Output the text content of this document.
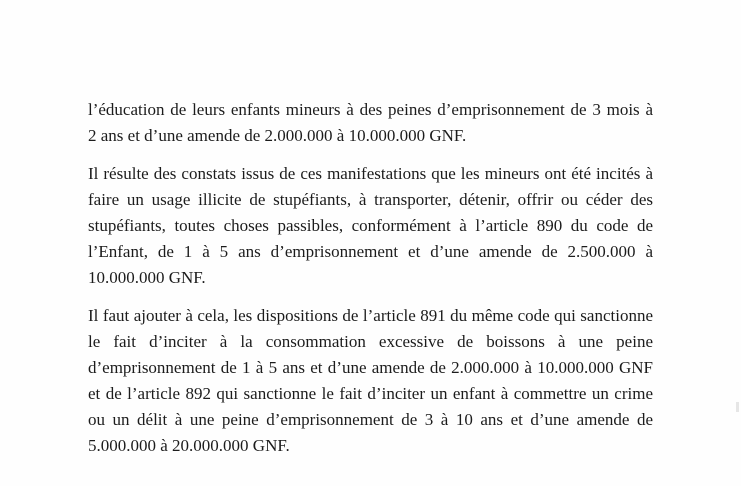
l’éducation de leurs enfants mineurs à des peines d’emprisonnement de 3 mois à
2 ans et d’une amende de 2.000.000 à 10.000.000 GNF.

Il résulte des constats issus de ces manifestations que les mineurs ont été incités à
faire un usage illicite de stupéfiants, à transporter, détenir, offrir ou céder des
stupéfiants, toutes choses passibles, conformément à l’article 890 du code de
l’Enfant, de 1 à 5 ans d’emprisonnement et d’une amende de 2.500.000 à
10.000.000 GNF.

Il faut ajouter à cela, les dispositions de l’article 891 du même code qui sanctionne
le fait d’inciter à la consommation excessive de boissons à une peine
d’emprisonnement de 1 à 5 ans et d’une amende de 2.000.000 à 10.000.000 GNF
et de l’article 892 qui sanctionne le fait d’inciter un enfant à commettre un crime
ou un délit à une peine d’emprisonnement de 3 à 10 ans et d’une amende de
5.000.000 à 20.000.000 GNF.
